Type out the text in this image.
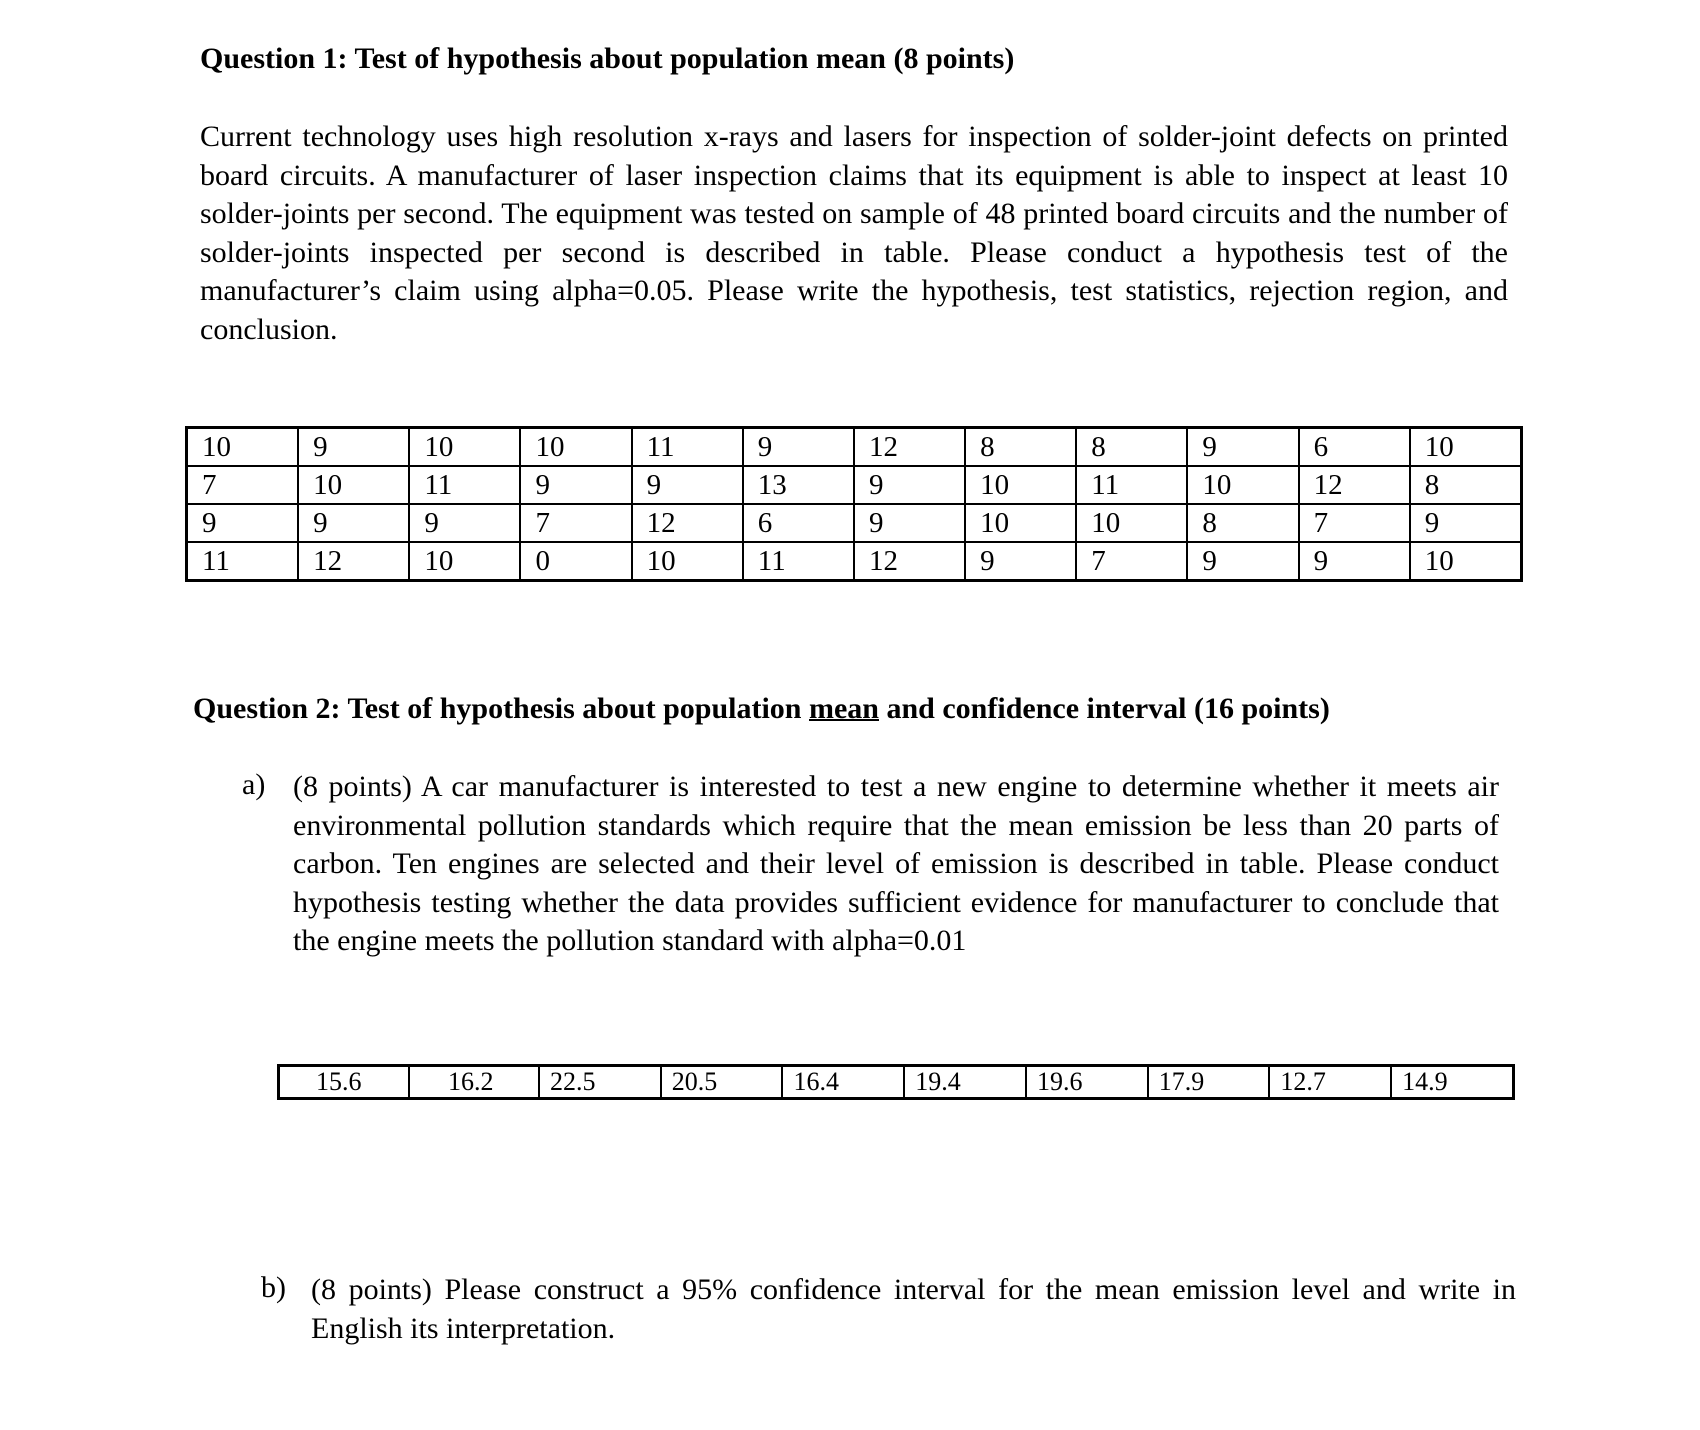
Question 1: Test of hypothesis about population mean (8 points)
Current technology uses high resolution x-rays and lasers for inspection of solder-joint defects on printed board circuits. A manufacturer of laser inspection claims that its equipment is able to inspect at least 10 solder-joints per second. The equipment was tested on sample of 48 printed board circuits and the number of solder-joints inspected per second is described in table. Please conduct a hypothesis test of the manufacturer’s claim using alpha=0.05. Please write the hypothesis, test statistics, rejection region, and conclusion.
10	9	10	10	11	9	12	8	8	9	6	10
7	10	11	9	9	13	9	10	11	10	12	8
9	9	9	7	12	6	9	10	10	8	7	9
11	12	10	0	10	11	12	9	7	9	9	10
Question 2: Test of hypothesis about population mean and confidence interval (16 points)
a) (8 points) A car manufacturer is interested to test a new engine to determine whether it meets air environmental pollution standards which require that the mean emission be less than 20 parts of carbon. Ten engines are selected and their level of emission is described in table. Please conduct hypothesis testing whether the data provides sufficient evidence for manufacturer to conclude that the engine meets the pollution standard with alpha=0.01
15.6	16.2	22.5	20.5	16.4	19.4	19.6	17.9	12.7	14.9
b) (8 points) Please construct a 95% confidence interval for the mean emission level and write in English its interpretation.
